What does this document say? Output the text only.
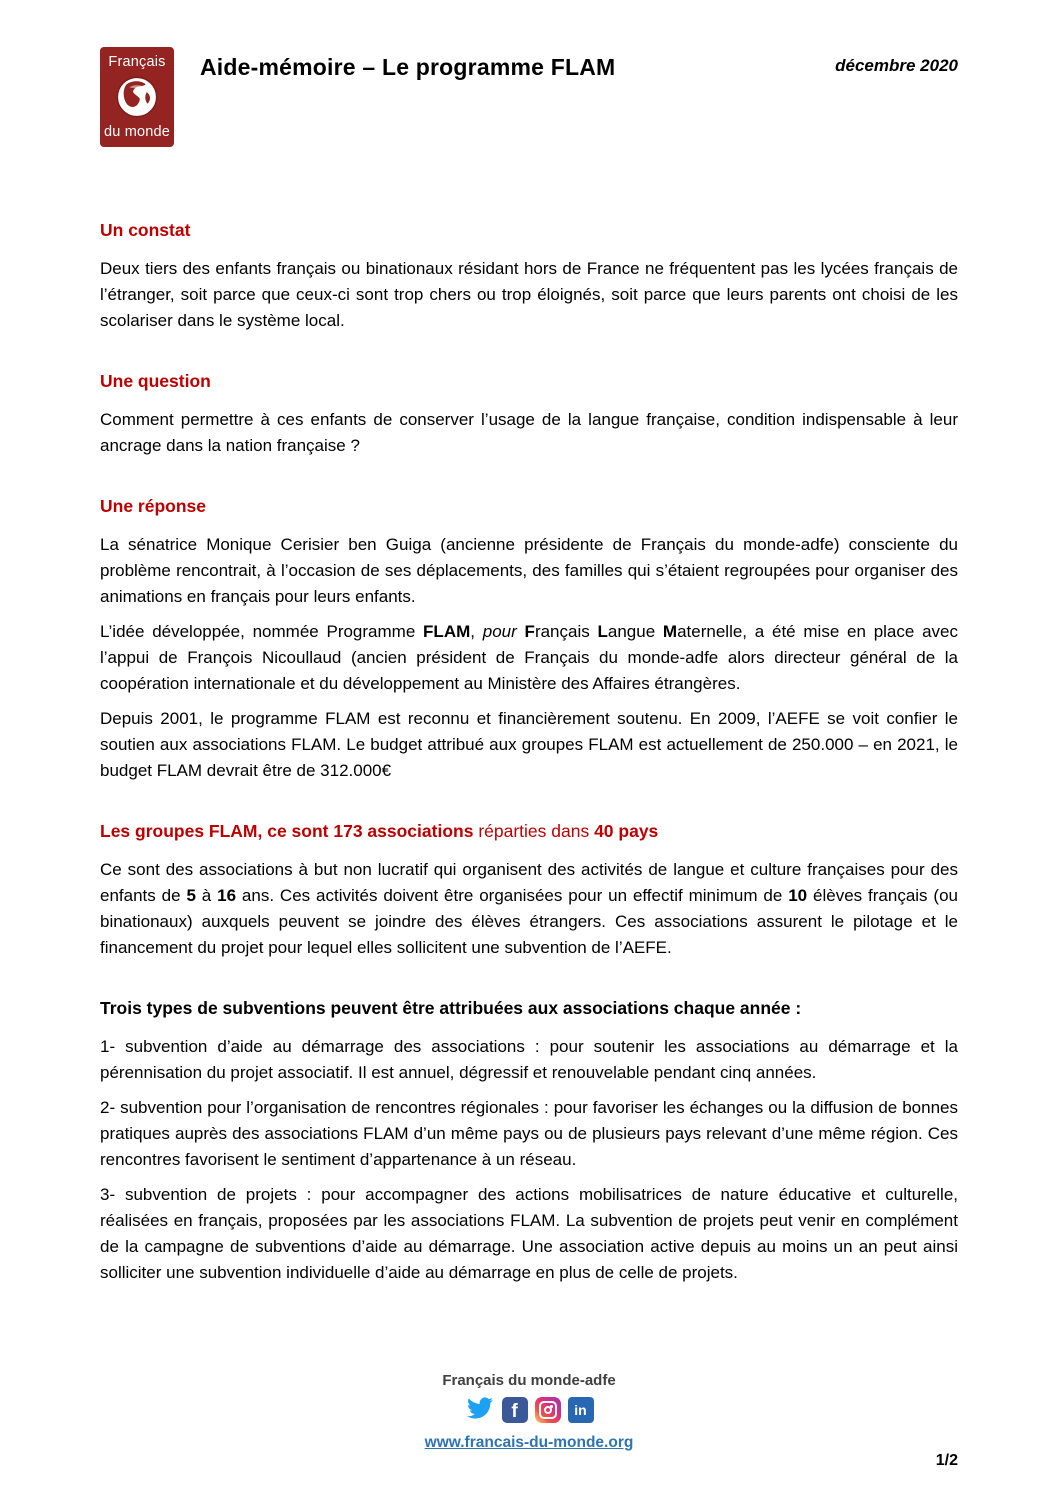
Français
du monde
Aide-mémoire – Le programme FLAM	décembre 2020

Un constat

Deux tiers des enfants français ou binationaux résidant hors de France ne fréquentent pas les lycées français de l’étranger, soit parce que ceux-ci sont trop chers ou trop éloignés, soit parce que leurs parents ont choisi de les scolariser dans le système local.

Une question

Comment permettre à ces enfants de conserver l’usage de la langue française, condition indispensable à leur ancrage dans la nation française ?

Une réponse

La sénatrice Monique Cerisier ben Guiga (ancienne présidente de Français du monde-adfe) consciente du problème rencontrait, à l’occasion de ses déplacements, des familles qui s’étaient regroupées pour organiser des animations en français pour leurs enfants.

L’idée développée, nommée Programme FLAM, pour Français Langue Maternelle, a été mise en place avec l’appui de François Nicoullaud (ancien président de Français du monde-adfe alors directeur général de la coopération internationale et du développement au Ministère des Affaires étrangères.

Depuis 2001, le programme FLAM est reconnu et financièrement soutenu. En 2009, l’AEFE se voit confier le soutien aux associations FLAM. Le budget attribué aux groupes FLAM est actuellement de 250.000 – en 2021, le budget FLAM devrait être de 312.000€

Les groupes FLAM, ce sont 173 associations réparties dans 40 pays

Ce sont des associations à but non lucratif qui organisent des activités de langue et culture françaises pour des enfants de 5 à 16 ans. Ces activités doivent être organisées pour un effectif minimum de 10 élèves français (ou binationaux) auxquels peuvent se joindre des élèves étrangers. Ces associations assurent le pilotage et le financement du projet pour lequel elles sollicitent une subvention de l’AEFE.

Trois types de subventions peuvent être attribuées aux associations chaque année :

1- subvention d’aide au démarrage des associations : pour soutenir les associations au démarrage et la pérennisation du projet associatif. Il est annuel, dégressif et renouvelable pendant cinq années.

2- subvention pour l’organisation de rencontres régionales : pour favoriser les échanges ou la diffusion de bonnes pratiques auprès des associations FLAM d’un même pays ou de plusieurs pays relevant d’une même région. Ces rencontres favorisent le sentiment d’appartenance à un réseau.

3- subvention de projets : pour accompagner des actions mobilisatrices de nature éducative et culturelle, réalisées en français, proposées par les associations FLAM. La subvention de projets peut venir en complément de la campagne de subventions d’aide au démarrage. Une association active depuis au moins un an peut ainsi solliciter une subvention individuelle d’aide au démarrage en plus de celle de projets.

Français du monde-adfe
f	in
www.francais-du-monde.org
1/2
